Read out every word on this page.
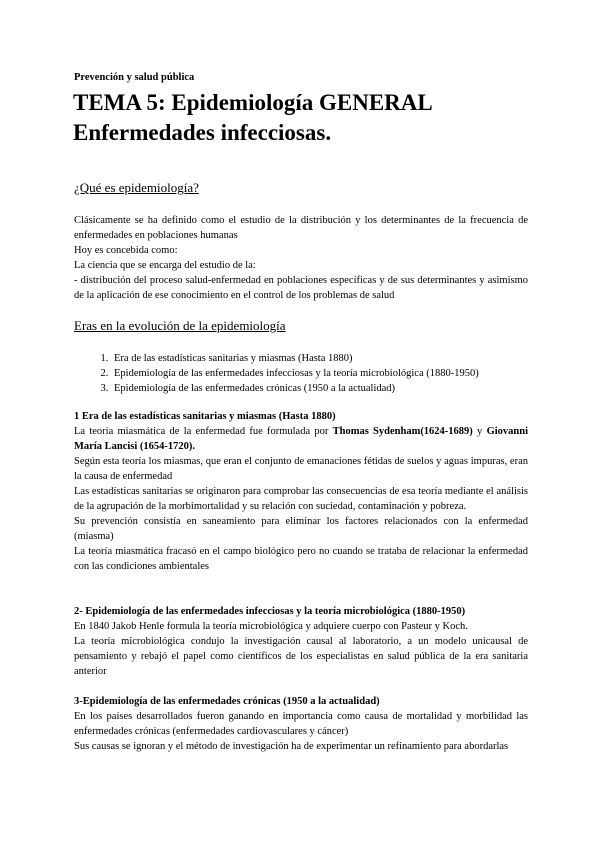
Prevención y salud pública
TEMA 5: Epidemiología GENERAL
Enfermedades infecciosas.
¿Qué es epidemiología?

Clásicamente se ha definido como el estudio de la distribución y los determinantes de la frecuencia de enfermedades en poblaciones humanas

Hoy es concebida como:

La ciencia que se encarga del estudio de la:

- distribución del proceso salud-enfermedad en poblaciones específicas y de sus determinantes y asimismo de la aplicación de ese conocimiento en el control de los problemas de salud

Eras en la evolución de la epidemiología
1. Era de las estadísticas sanitarias y miasmas (Hasta 1880)
2. Epidemiología de las enfermedades infecciosas y la teoría microbiológica (1880-1950)
3. Epidemiología de las enfermedades crónicas (1950 a la actualidad)

1 Era de las estadísticas sanitarias y miasmas (Hasta 1880)

La teoría miasmática de la enfermedad fue formulada por Thomas Sydenham(1624-1689) y Giovanni María Lancisi (1654-1720).

Según esta teoría los miasmas, que eran el conjunto de emanaciones fétidas de suelos y aguas impuras, eran la causa de enfermedad

Las estadísticas sanitarias se originaron para comprobar las consecuencias de esa teoría mediante el análisis de la agrupación de la morbimortalidad y su relación con suciedad, contaminación y pobreza.

Su prevención consistía en saneamiento para eliminar los factores relacionados con la enfermedad (miasma)

La teoría miasmática fracasó en el campo biológico pero no cuando se trataba de relacionar la enfermedad con las condiciones ambientales

2- Epidemiología de las enfermedades infecciosas y la teoría microbiológica (1880-1950)

En 1840 Jakob Henle formula la teoría microbiológica y adquiere cuerpo con Pasteur y Koch.

La teoría microbiológica condujo la investigación causal al laboratorio, a un modelo unicausal de pensamiento y rebajó el papel como científicos de los especialistas en salud pública de la era sanitaria anterior

3-Epidemiología de las enfermedades crónicas (1950 a la actualidad)

En los países desarrollados fueron ganando en importancia como causa de mortalidad y morbilidad las enfermedades crónicas (enfermedades cardiovasculares y cáncer)

Sus causas se ignoran y el método de investigación ha de experimentar un refinamiento para abordarlas
